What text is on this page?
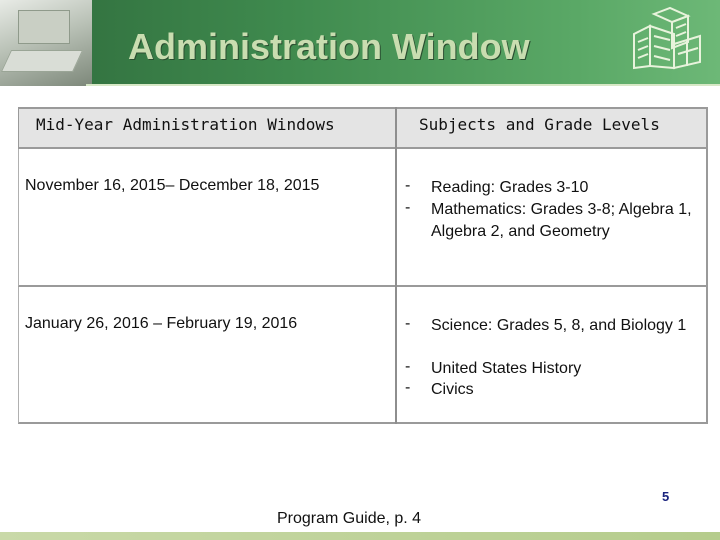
Administration Window
Mid-Year Administration Windows	Subjects and Grade Levels
November 16, 2015– December 18, 2015	-
-
Reading: Grades 3-10
Mathematics: Grades 3-8; Algebra 1, Algebra 2, and Geometry
January 26, 2016 – February 19, 2016	-
-
-
Science: Grades 5, 8, and Biology 1
United States History
Civics
5
Program Guide, p. 4
